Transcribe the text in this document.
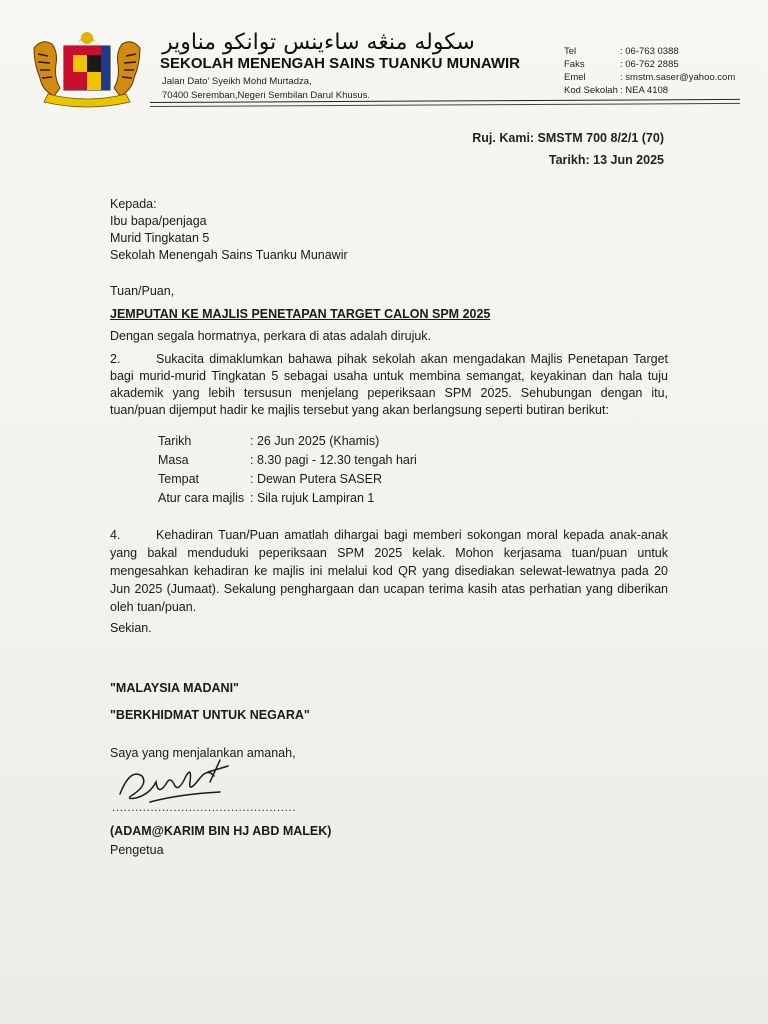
سكوله منڠه ساءينس توانكو مناوير
SEKOLAH MENENGAH SAINS TUANKU MUNAWIR
Jalan Dato' Syeikh Mohd Murtadza,
70400 Seremban,Negeri Sembilan Darul Khusus.
Tel	: 06-763 0388
Faks	: 06-762 2885
Emel	: smstm.saser@yahoo.com
Kod Sekolah : NEA 4108
Ruj. Kami: SMSTM 700 8/2/1 (70)
Tarikh: 13 Jun 2025
Kepada:
Ibu bapa/penjaga
Murid Tingkatan 5
Sekolah Menengah Sains Tuanku Munawir
Tuan/Puan,
JEMPUTAN KE MAJLIS PENETAPAN TARGET CALON SPM 2025
Dengan segala hormatnya, perkara di atas adalah dirujuk.
2.	Sukacita dimaklumkan bahawa pihak sekolah akan mengadakan Majlis Penetapan Target bagi murid-murid Tingkatan 5 sebagai usaha untuk membina semangat, keyakinan dan hala tuju akademik yang lebih tersusun menjelang peperiksaan SPM 2025. Sehubungan dengan itu, tuan/puan dijemput hadir ke majlis tersebut yang akan berlangsung seperti butiran berikut:
Tarikh	: 26 Jun 2025 (Khamis)
Masa	: 8.30 pagi - 12.30 tengah hari
Tempat	: Dewan Putera SASER
Atur cara majlis : Sila rujuk Lampiran 1
4.	Kehadiran Tuan/Puan amatlah dihargai bagi memberi sokongan moral kepada anak-anak yang bakal menduduki peperiksaan SPM 2025 kelak. Mohon kerjasama tuan/puan untuk mengesahkan kehadiran ke majlis ini melalui kod QR yang disediakan selewat-lewatnya pada 20 Jun 2025 (Jumaat). Sekalung penghargaan dan ucapan terima kasih atas perhatian yang diberikan oleh tuan/puan.
Sekian.
"MALAYSIA MADANI"
"BERKHIDMAT UNTUK NEGARA"
Saya yang menjalankan amanah,
................................................
(ADAM@KARIM BIN HJ ABD MALEK)
Pengetua
